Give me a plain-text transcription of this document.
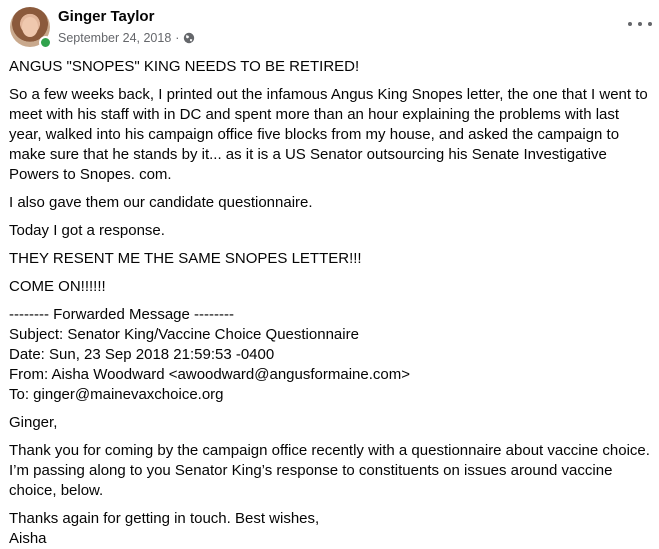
Ginger Taylor
September 24, 2018 ·

ANGUS "SNOPES" KING NEEDS TO BE RETIRED!

So a few weeks back, I printed out the infamous Angus King Snopes letter, the one that I went to meet with his staff with in DC and spent more than an hour explaining the problems with last year, walked into his campaign office five blocks from my house, and asked the campaign to make sure that he stands by it... as it is a US Senator outsourcing his Senate Investigative Powers to Snopes. com.

I also gave them our candidate questionnaire.

Today I got a response.

THEY RESENT ME THE SAME SNOPES LETTER!!!

COME ON!!!!!!

-------- Forwarded Message --------

Subject: Senator King/Vaccine Choice Questionnaire

Date: Sun, 23 Sep 2018 21:59:53 -0400

From: Aisha Woodward <awoodward@angusformaine.com>

To: ginger@mainevaxchoice.org

Ginger,

Thank you for coming by the campaign office recently with a questionnaire about vaccine choice. I’m passing along to you Senator King’s response to constituents on issues around vaccine choice, below.

Thanks again for getting in touch. Best wishes,

Aisha
